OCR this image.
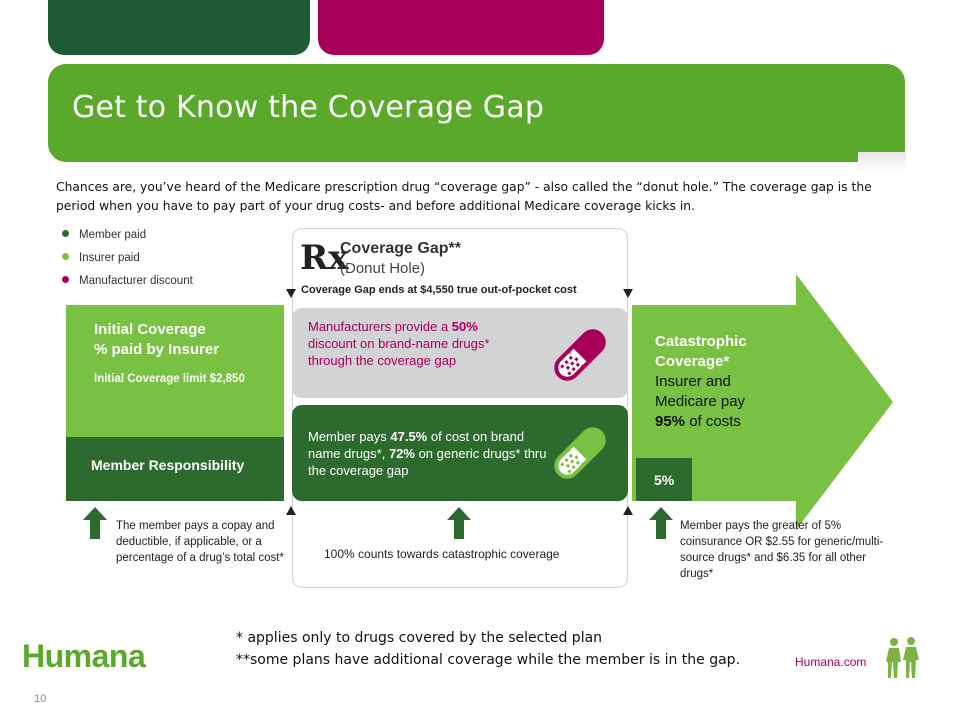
Get to Know the Coverage Gap
Chances are, you’ve heard of the Medicare prescription drug “coverage gap” - also called the “donut hole.” The coverage gap is the period when you have to pay part of your drug costs- and before additional Medicare coverage kicks in.
Member paid
Insurer paid
Manufacturer discount
Initial Coverage
% paid by Insurer
Initial Coverage limit $2,850
Member Responsibility
Rx
Coverage Gap**
(Donut Hole)
Coverage Gap ends at $4,550 true out-of-pocket cost
Manufacturers provide a 50% discount on brand-name drugs* through the coverage gap
Member pays 47.5% of cost on brand name drugs*, 72% on generic drugs* thru the coverage gap
Catastrophic
Coverage*
Insurer and
Medicare pay
95% of costs
5%
The member pays a copay and deductible, if applicable, or a percentage of a drug’s total cost*	100% counts towards catastrophic coverage
Member pays the greater of 5% coinsurance OR $2.55 for generic/multi-source drugs* and $6.35 for all other drugs*
Humana	* applies only to drugs covered by the selected plan
**some plans have additional coverage while the member is in the gap.	Humana.com
10
